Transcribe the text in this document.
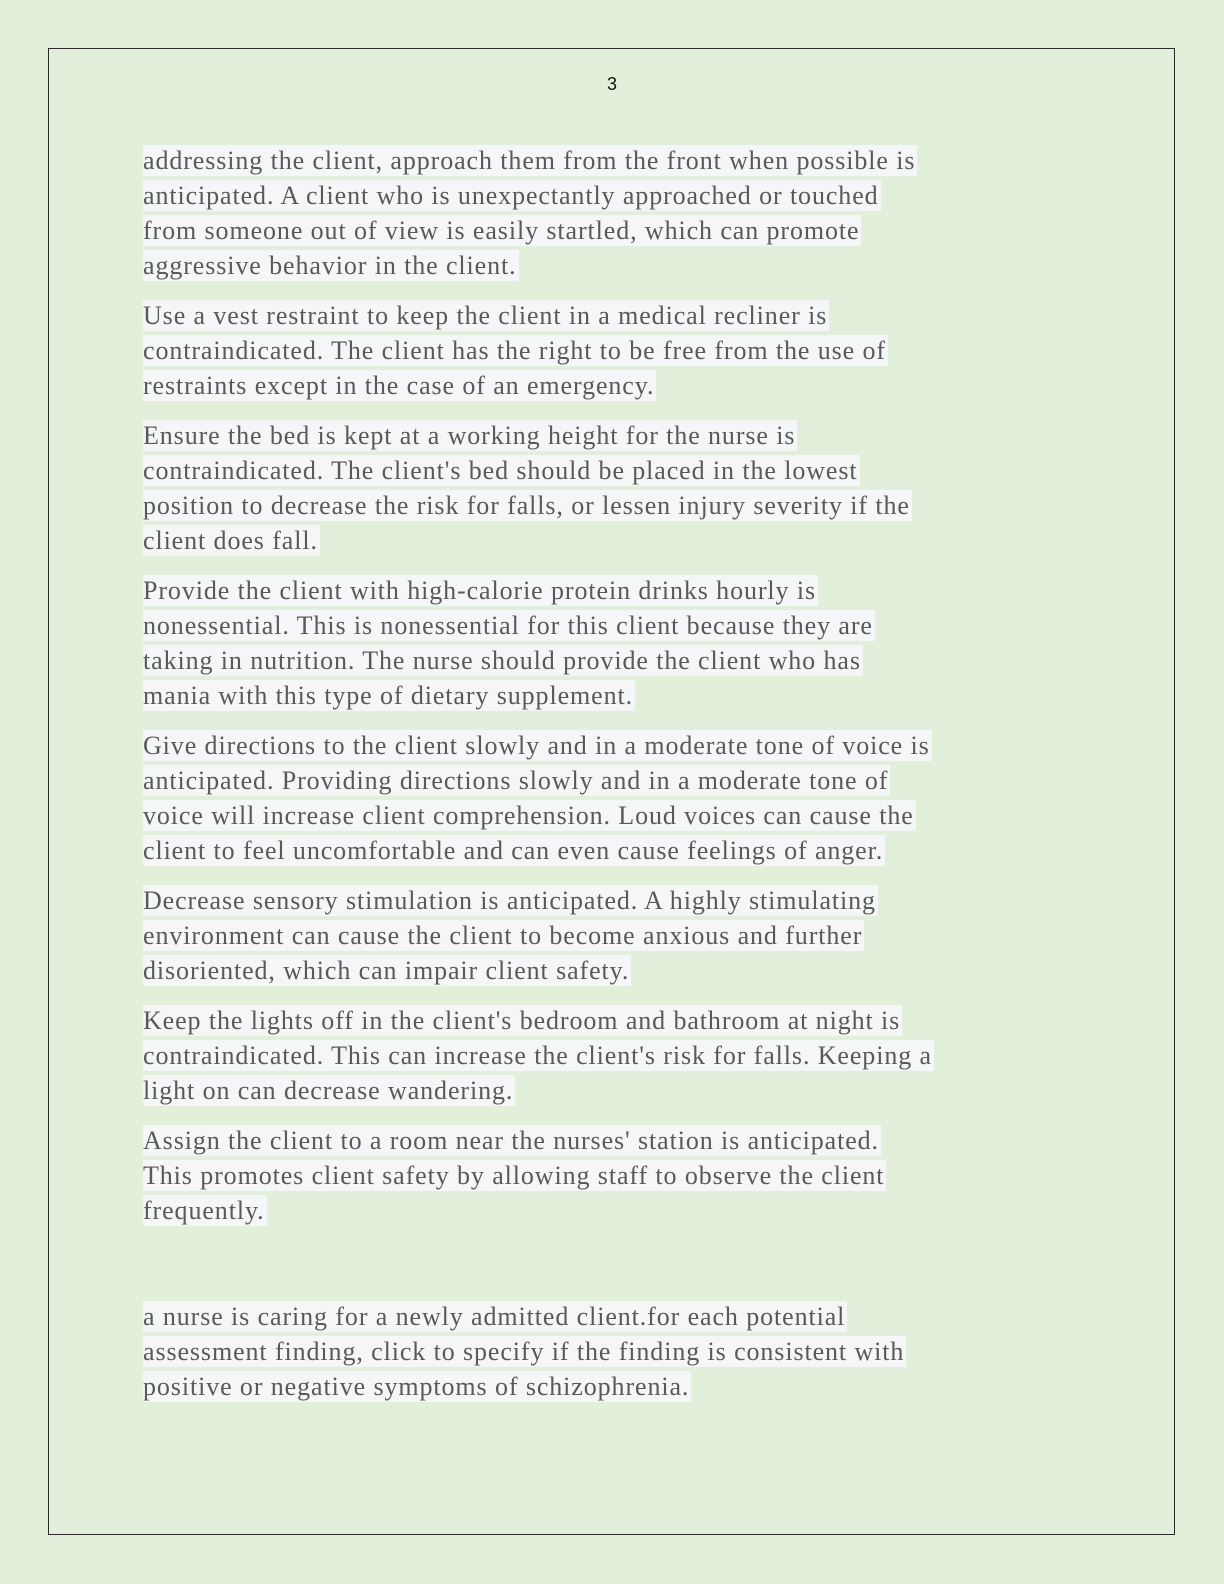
3

addressing the client, approach them from the front when possible is
anticipated. A client who is unexpectantly approached or touched
from someone out of view is easily startled, which can promote
aggressive behavior in the client.

Use a vest restraint to keep the client in a medical recliner is
contraindicated. The client has the right to be free from the use of
restraints except in the case of an emergency.

Ensure the bed is kept at a working height for the nurse is
contraindicated. The client's bed should be placed in the lowest
position to decrease the risk for falls, or lessen injury severity if the
client does fall.

Provide the client with high-calorie protein drinks hourly is
nonessential. This is nonessential for this client because they are
taking in nutrition. The nurse should provide the client who has
mania with this type of dietary supplement.

Give directions to the client slowly and in a moderate tone of voice is
anticipated. Providing directions slowly and in a moderate tone of
voice will increase client comprehension. Loud voices can cause the
client to feel uncomfortable and can even cause feelings of anger.

Decrease sensory stimulation is anticipated. A highly stimulating
environment can cause the client to become anxious and further
disoriented, which can impair client safety.

Keep the lights off in the client's bedroom and bathroom at night is
contraindicated. This can increase the client's risk for falls. Keeping a
light on can decrease wandering.

Assign the client to a room near the nurses' station is anticipated.
This promotes client safety by allowing staff to observe the client
frequently.

a nurse is caring for a newly admitted client.for each potential
assessment finding, click to specify if the finding is consistent with
positive or negative symptoms of schizophrenia.
